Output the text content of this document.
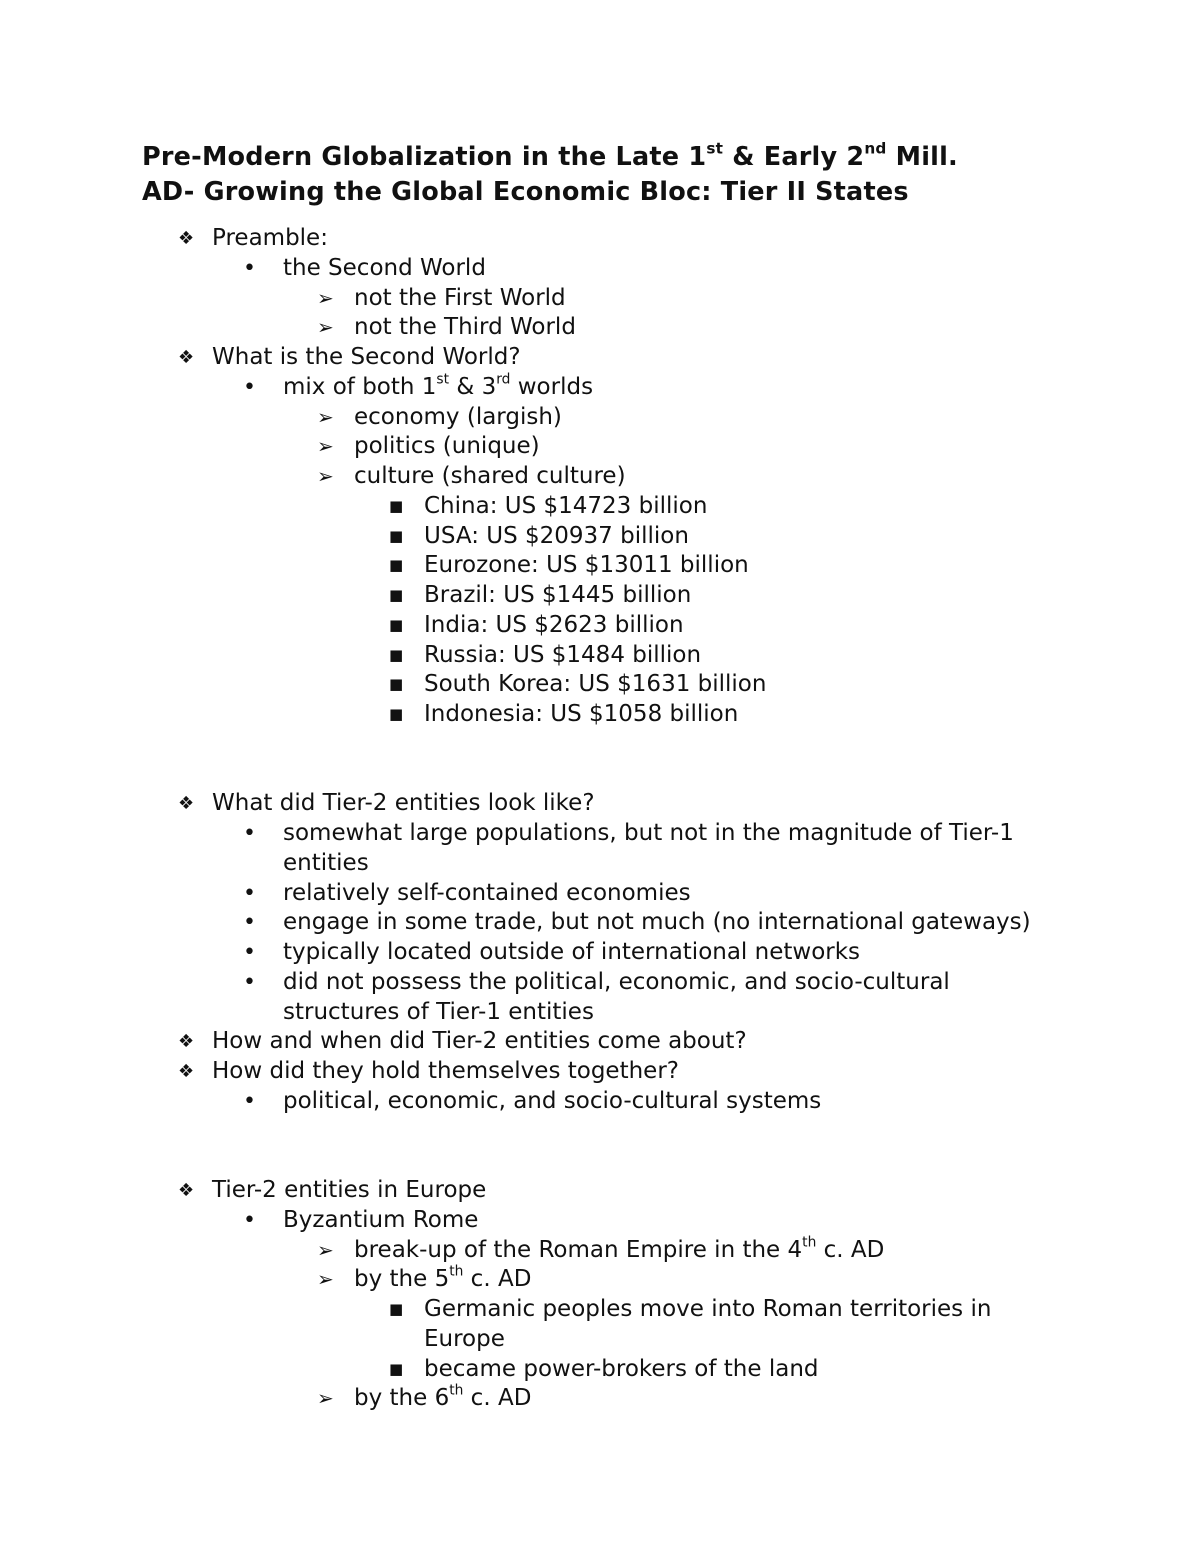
Pre-Modern Globalization in the Late 1st & Early 2nd Mill.
AD- Growing the Global Economic Bloc: Tier II States
❖ Preamble:
• the Second World
➢ not the First World
➢ not the Third World
❖ What is the Second World?
• mix of both 1st & 3rd worlds
➢ economy (largish)
➢ politics (unique)
➢ culture (shared culture)
■ China: US $14723 billion
■ USA: US $20937 billion
■ Eurozone: US $13011 billion
■ Brazil: US $1445 billion
■ India: US $2623 billion
■ Russia: US $1484 billion
■ South Korea: US $1631 billion
■ Indonesia: US $1058 billion
❖ What did Tier-2 entities look like?
• somewhat large populations, but not in the magnitude of Tier-1
entities
• relatively self-contained economies
• engage in some trade, but not much (no international gateways)
• typically located outside of international networks
• did not possess the political, economic, and socio-cultural
structures of Tier-1 entities
❖ How and when did Tier-2 entities come about?
❖ How did they hold themselves together?
• political, economic, and socio-cultural systems
❖ Tier-2 entities in Europe
• Byzantium Rome
➢ break-up of the Roman Empire in the 4th c. AD
➢ by the 5th c. AD
■ Germanic peoples move into Roman territories in
Europe
■ became power-brokers of the land
➢ by the 6th c. AD
